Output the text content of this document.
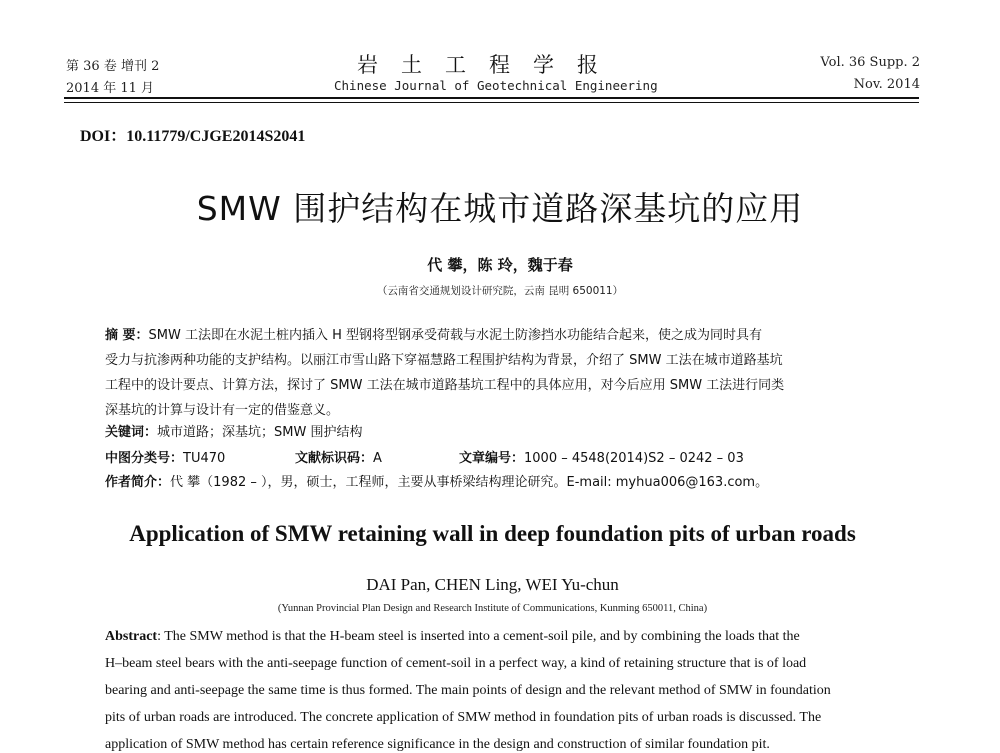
第 36 卷 增刊 2
2014 年 11 月
岩土工程学报
Chinese Journal of Geotechnical Engineering
Vol. 36 Supp. 2
Nov. 2014
DOI：10.11779/CJGE2014S2041
SMW 围护结构在城市道路深基坑的应用
代 攀，陈 玲，魏于春
（云南省交通规划设计研究院，云南 昆明 650011）
摘 要：SMW 工法即在水泥土桩内插入 H 型钢将型钢承受荷载与水泥土防渗挡水功能结合起来，使之成为同时具有
受力与抗渗两种功能的支护结构。以丽江市雪山路下穿福慧路工程围护结构为背景，介绍了 SMW 工法在城市道路基坑
工程中的设计要点、计算方法，探讨了 SMW 工法在城市道路基坑工程中的具体应用，对今后应用 SMW 工法进行同类
深基坑的计算与设计有一定的借鉴意义。
关键词：城市道路；深基坑；SMW 围护结构
中图分类号：TU470	文献标识码：A	文章编号：1000 – 4548(2014)S2 – 0242 – 03
作者简介：代 攀（1982 – ），男，硕士，工程师，主要从事桥梁结构理论研究。E-mail: myhua006@163.com。
Application of SMW retaining wall in deep foundation pits of urban roads
DAI Pan, CHEN Ling, WEI Yu-chun
(Yunnan Provincial Plan Design and Research Institute of Communications, Kunming 650011, China)
Abstract: The SMW method is that the H-beam steel is inserted into a cement-soil pile, and by combining the loads that the
H–beam steel bears with the anti-seepage function of cement-soil in a perfect way, a kind of retaining structure that is of load
bearing and anti-seepage the same time is thus formed. The main points of design and the relevant method of SMW in foundation
pits of urban roads are introduced. The concrete application of SMW method in foundation pits of urban roads is discussed. The
application of SMW method has certain reference significance in the design and construction of similar foundation pit.
